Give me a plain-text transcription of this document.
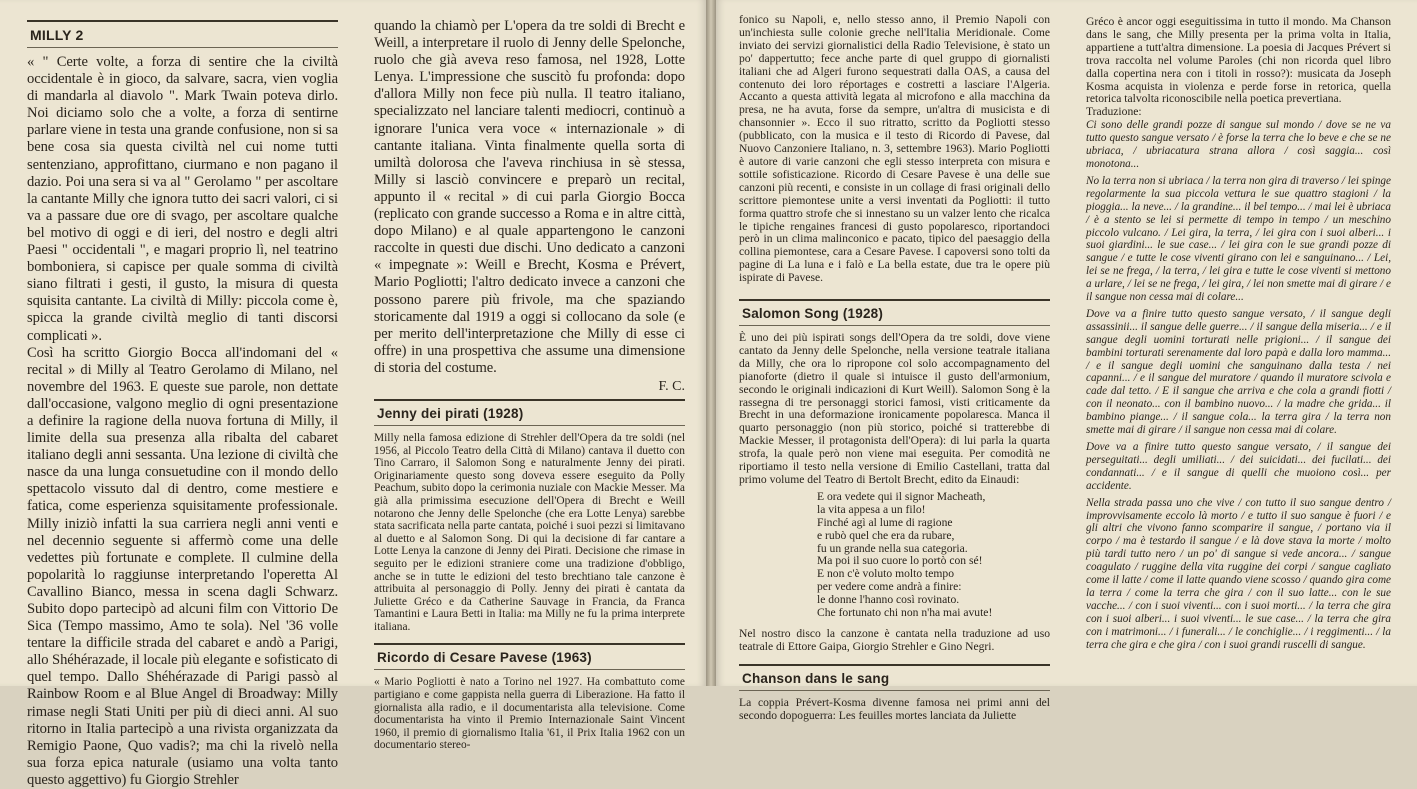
MILLY 2

« " Certe volte, a forza di sentire che la civiltà occidentale è in gioco, da salvare, sacra, vien voglia di mandarla al diavolo ". Mark Twain poteva dirlo. Noi diciamo solo che a volte, a forza di sentirne parlare viene in testa una grande confusione, non si sa bene cosa sia questa civiltà nel cui nome tutti sentenziano, approfittano, ciurmano e non pagano il dazio. Poi una sera si va al " Gerolamo " per ascoltare la cantante Milly che ignora tutto dei sacri valori, ci si va a passare due ore di svago, per ascoltare qualche bel motivo di oggi e di ieri, del nostro e degli altri Paesi " occidentali ", e magari proprio lì, nel teatrino bomboniera, si capisce per quale somma di civiltà siano filtrati i gesti, il gusto, la misura di questa squisita cantante. La civiltà di Milly: piccola come è, spicca la grande civiltà meglio di tanti discorsi complicati ».

Così ha scritto Giorgio Bocca all'indomani del « recital » di Milly al Teatro Gerolamo di Milano, nel novembre del 1963. E queste sue parole, non dettate dall'occasione, valgono meglio di ogni presentazione a definire la ragione della nuova fortuna di Milly, il limite della sua presenza alla ribalta del cabaret italiano degli anni sessanta. Una lezione di civiltà che nasce da una lunga consuetudine con il mondo dello spettacolo vissuto dal di dentro, come mestiere e fatica, come esperienza squisitamente professionale. Milly iniziò infatti la sua carriera negli anni venti e nel decennio seguente si affermò come una delle vedettes più fortunate e complete. Il culmine della popolarità lo raggiunse interpretando l'operetta Al Cavallino Bianco, messa in scena dagli Schwarz. Subito dopo partecipò ad alcuni film con Vittorio De Sica (Tempo massimo, Amo te sola). Nel '36 volle tentare la difficile strada del cabaret e andò a Parigi, allo Shéhérazade, il locale più elegante e sofisticato di quel tempo. Dallo Shéhérazade di Parigi passò al Rainbow Room e al Blue Angel di Broadway: Milly rimase negli Stati Uniti per più di dieci anni. Al suo ritorno in Italia partecipò a una rivista organizzata da Remigio Paone, Quo vadis?; ma chi la rivelò nella sua forza epica naturale (usiamo una volta tanto questo aggettivo) fu Giorgio Strehler

quando la chiamò per L'opera da tre soldi di Brecht e Weill, a interpretare il ruolo di Jenny delle Spelonche, ruolo che già aveva reso famosa, nel 1928, Lotte Lenya. L'impressione che suscitò fu profonda: dopo d'allora Milly non fece più nulla. Il teatro italiano, specializzato nel lanciare talenti mediocri, continuò a ignorare l'unica vera voce « internazionale » di cantante italiana. Vinta finalmente quella sorta di umiltà dolorosa che l'aveva rinchiusa in sè stessa, Milly si lasciò convincere e preparò un recital, appunto il « recital » di cui parla Giorgio Bocca (replicato con grande successo a Roma e in altre città, dopo Milano) e al quale appartengono le canzoni raccolte in questi due dischi. Uno dedicato a canzoni « impegnate »: Weill e Brecht, Kosma e Prévert, Mario Pogliotti; l'altro dedicato invece a canzoni che possono parere più frivole, ma che spaziando storicamente dal 1919 a oggi si collocano da sole (e per merito dell'interpretazione che Milly di esse ci offre) in una prospettiva che assume una dimensione di storia del costume.

F. C.
Jenny dei pirati (1928)

Milly nella famosa edizione di Strehler dell'Opera da tre soldi (nel 1956, al Piccolo Teatro della Città di Milano) cantava il duetto con Tino Carraro, il Salomon Song e naturalmente Jenny dei pirati. Originariamente questo song doveva essere eseguito da Polly Peachum, subito dopo la cerimonia nuziale con Mackie Messer. Ma già alla primissima esecuzione dell'Opera di Brecht e Weill notarono che Jenny delle Spelonche (che era Lotte Lenya) sarebbe stata sacrificata nella parte cantata, poiché i suoi pezzi si limitavano al duetto e al Salomon Song. Di qui la decisione di far cantare a Lotte Lenya la canzone di Jenny dei Pirati. Decisione che rimase in seguito per le edizioni straniere come una tradizione d'obbligo, anche se in tutte le edizioni del testo brechtiano tale canzone è attribuita al personaggio di Polly. Jenny dei pirati è cantata da Juliette Gréco e da Catherine Sauvage in Francia, da Franca Tamantini e Laura Betti in Italia: ma Milly ne fu la prima interprete italiana.

Ricordo di Cesare Pavese (1963)

« Mario Pogliotti è nato a Torino nel 1927. Ha combattuto come partigiano e come gappista nella guerra di Liberazione. Ha fatto il giornalista alla radio, e il documentarista alla televisione. Come documentarista ha vinto il Premio Internazionale Saint Vincent 1960, il premio di giornalismo Italia '61, il Prix Italia 1962 con un documentario stereo-

fonico su Napoli, e, nello stesso anno, il Premio Napoli con un'inchiesta sulle colonie greche nell'Italia Meridionale. Come inviato dei servizi giornalistici della Radio Televisione, è stato un po' dappertutto; fece anche parte di quel gruppo di giornalisti italiani che ad Algeri furono sequestrati dalla OAS, a causa del contenuto dei loro réportages e costretti a lasciare l'Algeria. Accanto a questa attività legata al microfono e alla macchina da presa, ne ha avuta, forse da sempre, un'altra di musicista e di chansonnier ». Ecco il suo ritratto, scritto da Pogliotti stesso (pubblicato, con la musica e il testo di Ricordo di Pavese, dal Nuovo Canzoniere Italiano, n. 3, settembre 1963). Mario Pogliotti è autore di varie canzoni che egli stesso interpreta con misura e sottile sofisticazione. Ricordo di Cesare Pavese è una delle sue canzoni più recenti, e consiste in un collage di frasi originali dello scrittore piemontese unite a versi inventati da Pogliotti: il tutto forma quattro strofe che si innestano su un valzer lento che ricalca le tipiche rengaines francesi di gusto popolaresco, riportandoci però in un clima malinconico e pacato, tipico del paesaggio della collina piemontese, cara a Cesare Pavese. I capoversi sono tolti da pagine di La luna e i falò e La bella estate, due tra le opere più ispirate di Pavese.

Salomon Song (1928)

È uno dei più ispirati songs dell'Opera da tre soldi, dove viene cantato da Jenny delle Spelonche, nella versione teatrale italiana da Milly, che ora lo ripropone col solo accompagnamento del pianoforte (dietro il quale si intuisce il gusto dell'armonium, secondo le originali indicazioni di Kurt Weill). Salomon Song è la rassegna di tre personaggi storici famosi, visti criticamente da Brecht in una deformazione ironicamente popolaresca. Manca il quarto personaggio (non più storico, poiché si tratterebbe di Mackie Messer, il protagonista dell'Opera): di lui parla la quarta strofa, la quale però non viene mai eseguita. Per comodità ne riportiamo il testo nella versione di Emilio Castellani, tratta dal primo volume del Teatro di Bertolt Brecht, edito da Einaudi:

E ora vedete qui il signor Macheath,
la vita appesa a un filo!
Finché agì al lume di ragione
e rubò quel che era da rubare,
fu un grande nella sua categoria.
Ma poi il suo cuore lo portò con sé!
E non c'è voluto molto tempo
per vedere come andrà a finire:
le donne l'hanno così rovinato.
Che fortunato chi non n'ha mai avute!

Nel nostro disco la canzone è cantata nella traduzione ad uso teatrale di Ettore Gaipa, Giorgio Strehler e Gino Negri.

Chanson dans le sang

La coppia Prévert-Kosma divenne famosa nei primi anni del secondo dopoguerra: Les feuilles mortes lanciata da Juliette

Gréco è ancor oggi eseguitissima in tutto il mondo. Ma Chanson dans le sang, che Milly presenta per la prima volta in Italia, appartiene a tutt'altra dimensione. La poesia di Jacques Prévert si trova raccolta nel volume Paroles (chi non ricorda quel libro dalla copertina nera con i titoli in rosso?): musicata da Joseph Kosma acquista in violenza e perde forse in retorica, quella retorica talvolta riconoscibile nella poetica prevertiana.

Traduzione:

Ci sono delle grandi pozze di sangue sul mondo / dove se ne va tutto questo sangue versato / è forse la terra che lo beve e che se ne ubriaca, / ubriacatura strana allora / così saggia... così monotona...

No la terra non si ubriaca / la terra non gira di traverso / lei spinge regolarmente la sua piccola vettura le sue quattro stagioni / la pioggia... la neve... / la grandine... il bel tempo... / mai lei è ubriaca / è a stento se lei si permette di tempo in tempo / un meschino piccolo vulcano. / Lei gira, la terra, / lei gira con i suoi alberi... i suoi giardini... le sue case... / lei gira con le sue grandi pozze di sangue / e tutte le cose viventi girano con lei e sanguinano... / Lei, lei se ne frega, / la terra, / lei gira e tutte le cose viventi si mettono a urlare, / lei se ne frega, / lei gira, / lei non smette mai di girare / e il sangue non cessa mai di colare...

Dove va a finire tutto questo sangue versato, / il sangue degli assassinii... il sangue delle guerre... / il sangue della miseria... / e il sangue degli uomini torturati nelle prigioni... / il sangue dei bambini torturati serenamente dal loro papà e dalla loro mamma... / e il sangue degli uomini che sanguinano dalla testa / nei capanni... / e il sangue del muratore / quando il muratore scivola e cade dal tetto. / E il sangue che arriva e che cola a grandi fiotti / con il neonato... con il bambino nuovo... / la madre che grida... il bambino piange... / il sangue cola... la terra gira / la terra non smette mai di girare / il sangue non cessa mai di colare.

Dove va a finire tutto questo sangue versato, / il sangue dei perseguitati... degli umiliati... / dei suicidati... dei fucilati... dei condannati... / e il sangue di quelli che muoiono così... per accidente.

Nella strada passa uno che vive / con tutto il suo sangue dentro / improvvisamente eccolo là morto / e tutto il suo sangue è fuori / e gli altri che vivono fanno scomparire il sangue, / portano via il corpo / ma è testardo il sangue / e là dove stava la morte / molto più tardi tutto nero / un po' di sangue si vede ancora... / sangue coagulato / ruggine della vita ruggine dei corpi / sangue cagliato come il latte / come il latte quando viene scosso / quando gira come la terra / come la terra che gira / con il suo latte... con le sue vacche... / con i suoi viventi... con i suoi morti... / la terra che gira con i suoi alberi... i suoi viventi... le sue case... / la terra che gira con i matrimoni... / i funerali... / le conchiglie... / i reggimenti... / la terra che gira e che gira / con i suoi grandi ruscelli di sangue.
